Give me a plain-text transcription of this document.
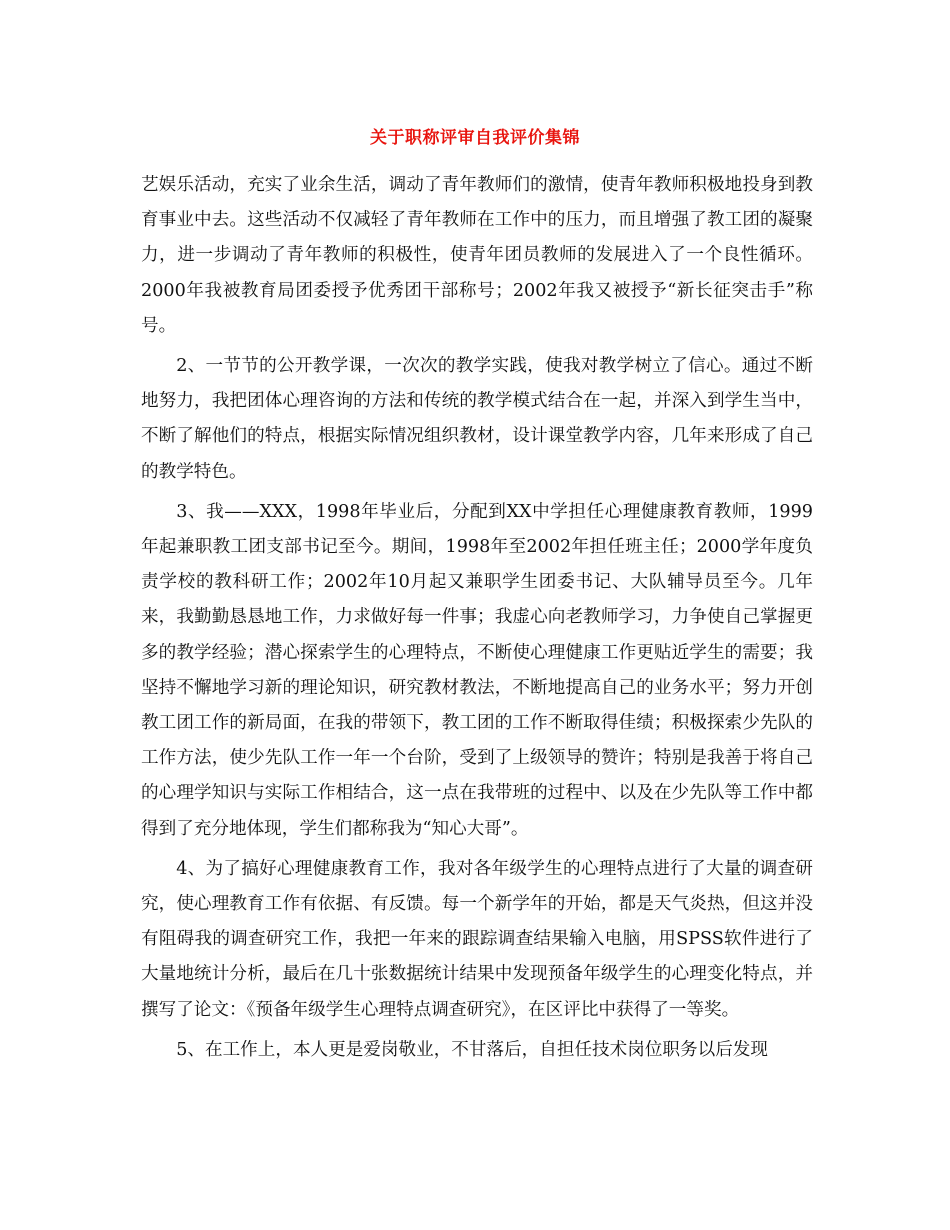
关于职称评审自我评价集锦

艺娱乐活动，充实了业余生活，调动了青年教师们的激情，使青年教师积极地投身到教育事业中去。这些活动不仅减轻了青年教师在工作中的压力，而且增强了教工团的凝聚力，进一步调动了青年教师的积极性，使青年团员教师的发展进入了一个良性循环。2000年我被教育局团委授予优秀团干部称号；2002年我又被授予“新长征突击手”称号。

2、一节节的公开教学课，一次次的教学实践，使我对教学树立了信心。通过不断地努力，我把团体心理咨询的方法和传统的教学模式结合在一起，并深入到学生当中，不断了解他们的特点，根据实际情况组织教材，设计课堂教学内容，几年来形成了自己的教学特色。

3、我——XXX，1998年毕业后，分配到XX中学担任心理健康教育教师，1999年起兼职教工团支部书记至今。期间，1998年至2002年担任班主任；2000学年度负责学校的教科研工作；2002年10月起又兼职学生团委书记、大队辅导员至今。几年来，我勤勤恳恳地工作，力求做好每一件事；我虚心向老教师学习，力争使自己掌握更多的教学经验；潜心探索学生的心理特点，不断使心理健康工作更贴近学生的需要；我坚持不懈地学习新的理论知识，研究教材教法，不断地提高自己的业务水平；努力开创教工团工作的新局面，在我的带领下，教工团的工作不断取得佳绩；积极探索少先队的工作方法，使少先队工作一年一个台阶，受到了上级领导的赞许；特别是我善于将自己的心理学知识与实际工作相结合，这一点在我带班的过程中、以及在少先队等工作中都得到了充分地体现，学生们都称我为“知心大哥”。

4、为了搞好心理健康教育工作，我对各年级学生的心理特点进行了大量的调查研究，使心理教育工作有依据、有反馈。每一个新学年的开始，都是天气炎热，但这并没有阻碍我的调查研究工作，我把一年来的跟踪调查结果输入电脑，用SPSS软件进行了大量地统计分析，最后在几十张数据统计结果中发现预备年级学生的心理变化特点，并撰写了论文：《预备年级学生心理特点调查研究》，在区评比中获得了一等奖。

5、在工作上，本人更是爱岗敬业，不甘落后，自担任技术岗位职务以后发现
